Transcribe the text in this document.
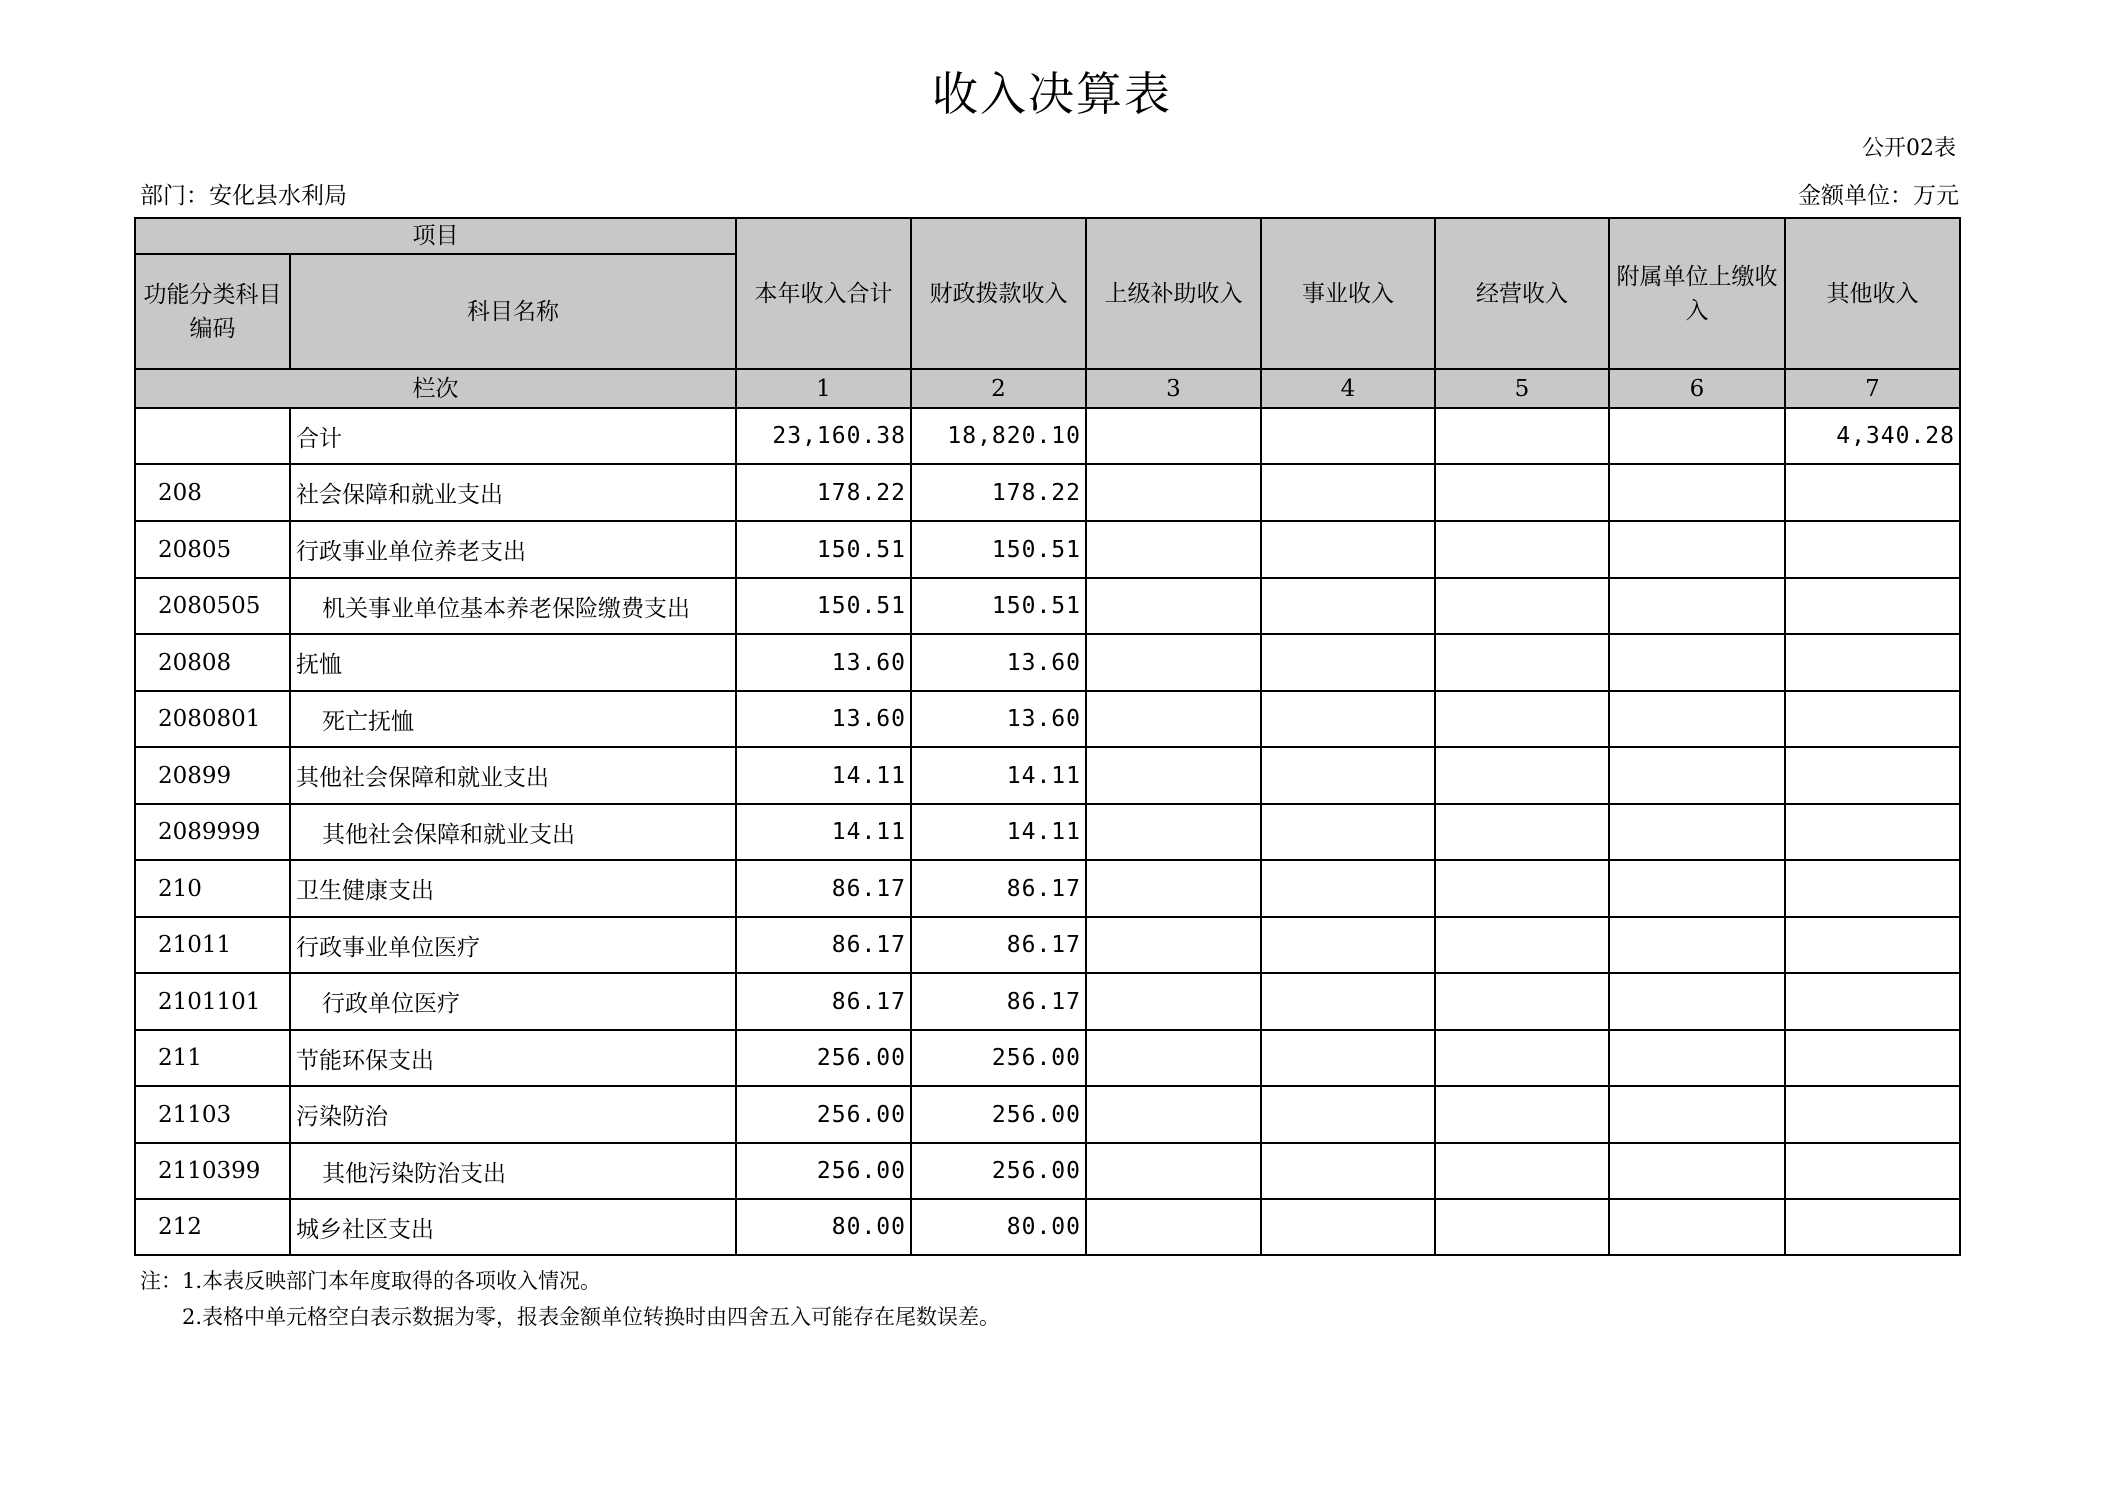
收入决算表
公开02表
部门：安化县水利局	金额单位：万元
项目		本年收入合计	财政拨款收入	上级补助收入	事业收入	经营收入	附属单位上缴收入	其他收入
功能分类科目编码	科目名称							
栏次		1	2	3	4	5	6	7
	合计	23,160.38	18,820.10					4,340.28
208	社会保障和就业支出	178.22	178.22					
20805	行政事业单位养老支出	150.51	150.51					
2080505	机关事业单位基本养老保险缴费支出	150.51	150.51					
20808	抚恤	13.60	13.60					
2080801	死亡抚恤	13.60	13.60					
20899	其他社会保障和就业支出	14.11	14.11					
2089999	其他社会保障和就业支出	14.11	14.11					
210	卫生健康支出	86.17	86.17					
21011	行政事业单位医疗	86.17	86.17					
2101101	行政单位医疗	86.17	86.17					
211	节能环保支出	256.00	256.00					
21103	污染防治	256.00	256.00					
2110399	其他污染防治支出	256.00	256.00					
212	城乡社区支出	80.00	80.00					
注：1.本表反映部门本年度取得的各项收入情况。
2.表格中单元格空白表示数据为零，报表金额单位转换时由四舍五入可能存在尾数误差。
